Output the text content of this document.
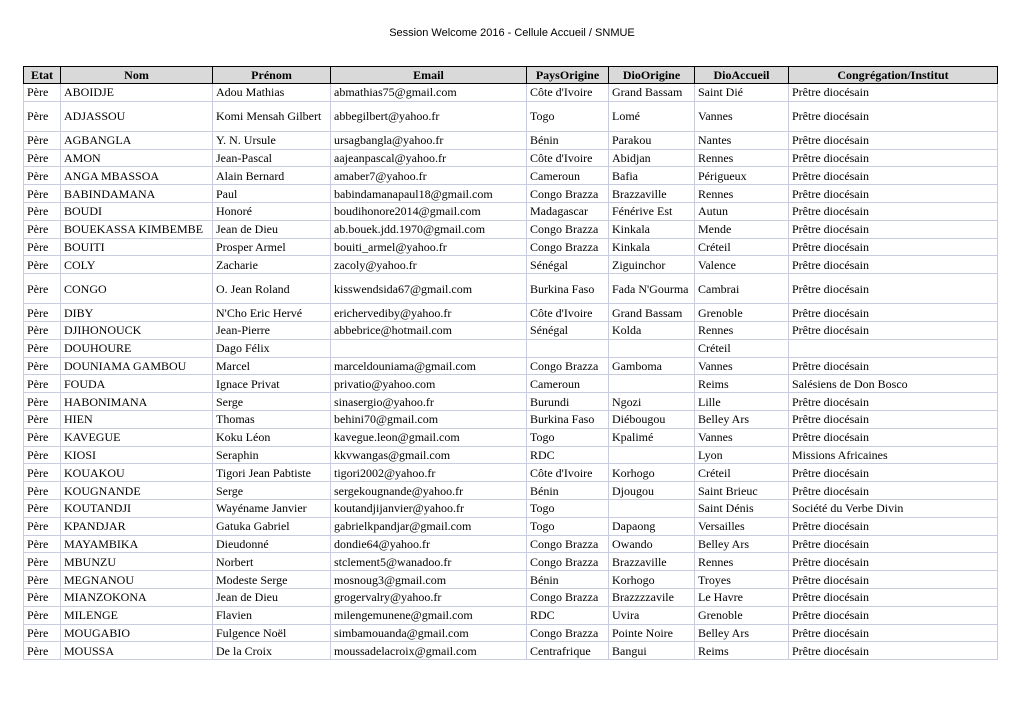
Session Welcome 2016 - Cellule Accueil / SNMUE
Etat	Nom	Prénom	Email	PaysOrigine	DioOrigine	DioAccueil	Congrégation/Institut
Père	ABOIDJE	Adou Mathias	abmathias75@gmail.com	Côte d'Ivoire	Grand Bassam	Saint Dié	Prêtre diocésain
Père	ADJASSOU	Komi Mensah Gilbert	abbegilbert@yahoo.fr	Togo	Lomé	Vannes	Prêtre diocésain
Père	AGBANGLA	Y. N. Ursule	ursagbangla@yahoo.fr	Bénin	Parakou	Nantes	Prêtre diocésain
Père	AMON	Jean-Pascal	aajeanpascal@yahoo.fr	Côte d'Ivoire	Abidjan	Rennes	Prêtre diocésain
Père	ANGA MBASSOA	Alain Bernard	amaber7@yahoo.fr	Cameroun	Bafia	Périgueux	Prêtre diocésain
Père	BABINDAMANA	Paul	babindamanapaul18@gmail.com	Congo Brazza	Brazzaville	Rennes	Prêtre diocésain
Père	BOUDI	Honoré	boudihonore2014@gmail.com	Madagascar	Fénérive Est	Autun	Prêtre diocésain
Père	BOUEKASSA KIMBEMBE	Jean de Dieu	ab.bouek.jdd.1970@gmail.com	Congo Brazza	Kinkala	Mende	Prêtre diocésain
Père	BOUITI	Prosper Armel	bouiti_armel@yahoo.fr	Congo Brazza	Kinkala	Créteil	Prêtre diocésain
Père	COLY	Zacharie	zacoly@yahoo.fr	Sénégal	Ziguinchor	Valence	Prêtre diocésain
Père	CONGO	O. Jean Roland	kisswendsida67@gmail.com	Burkina Faso	Fada N'Gourma	Cambrai	Prêtre diocésain
Père	DIBY	N'Cho Eric Hervé	erichervediby@yahoo.fr	Côte d'Ivoire	Grand Bassam	Grenoble	Prêtre diocésain
Père	DJIHONOUCK	Jean-Pierre	abbebrice@hotmail.com	Sénégal	Kolda	Rennes	Prêtre diocésain
Père	DOUHOURE	Dago Félix				Créteil	
Père	DOUNIAMA GAMBOU	Marcel	marceldouniama@gmail.com	Congo Brazza	Gamboma	Vannes	Prêtre diocésain
Père	FOUDA	Ignace Privat	privatio@yahoo.com	Cameroun		Reims	Salésiens de Don Bosco
Père	HABONIMANA	Serge	sinasergio@yahoo.fr	Burundi	Ngozi	Lille	Prêtre diocésain
Père	HIEN	Thomas	behini70@gmail.com	Burkina Faso	Diébougou	Belley Ars	Prêtre diocésain
Père	KAVEGUE	Koku Léon	kavegue.leon@gmail.com	Togo	Kpalimé	Vannes	Prêtre diocésain
Père	KIOSI	Seraphin	kkvwangas@gmail.com	RDC		Lyon	Missions Africaines
Père	KOUAKOU	Tigori Jean Pabtiste	tigori2002@yahoo.fr	Côte d'Ivoire	Korhogo	Créteil	Prêtre diocésain
Père	KOUGNANDE	Serge	sergekougnande@yahoo.fr	Bénin	Djougou	Saint Brieuc	Prêtre diocésain
Père	KOUTANDJI	Wayéname Janvier	koutandjijanvier@yahoo.fr	Togo		Saint Dénis	Société du Verbe Divin
Père	KPANDJAR	Gatuka Gabriel	gabrielkpandjar@gmail.com	Togo	Dapaong	Versailles	Prêtre diocésain
Père	MAYAMBIKA	Dieudonné	dondie64@yahoo.fr	Congo Brazza	Owando	Belley Ars	Prêtre diocésain
Père	MBUNZU	Norbert	stclement5@wanadoo.fr	Congo Brazza	Brazzaville	Rennes	Prêtre diocésain
Père	MEGNANOU	Modeste Serge	mosnoug3@gmail.com	Bénin	Korhogo	Troyes	Prêtre diocésain
Père	MIANZOKONA	Jean de Dieu	grogervalry@yahoo.fr	Congo Brazza	Brazzzzavile	Le Havre	Prêtre diocésain
Père	MILENGE	Flavien	milengemunene@gmail.com	RDC	Uvira	Grenoble	Prêtre diocésain
Père	MOUGABIO	Fulgence Noël	simbamouanda@gmail.com	Congo Brazza	Pointe Noire	Belley Ars	Prêtre diocésain
Père	MOUSSA	De la Croix	moussadelacroix@gmail.com	Centrafrique	Bangui	Reims	Prêtre diocésain
